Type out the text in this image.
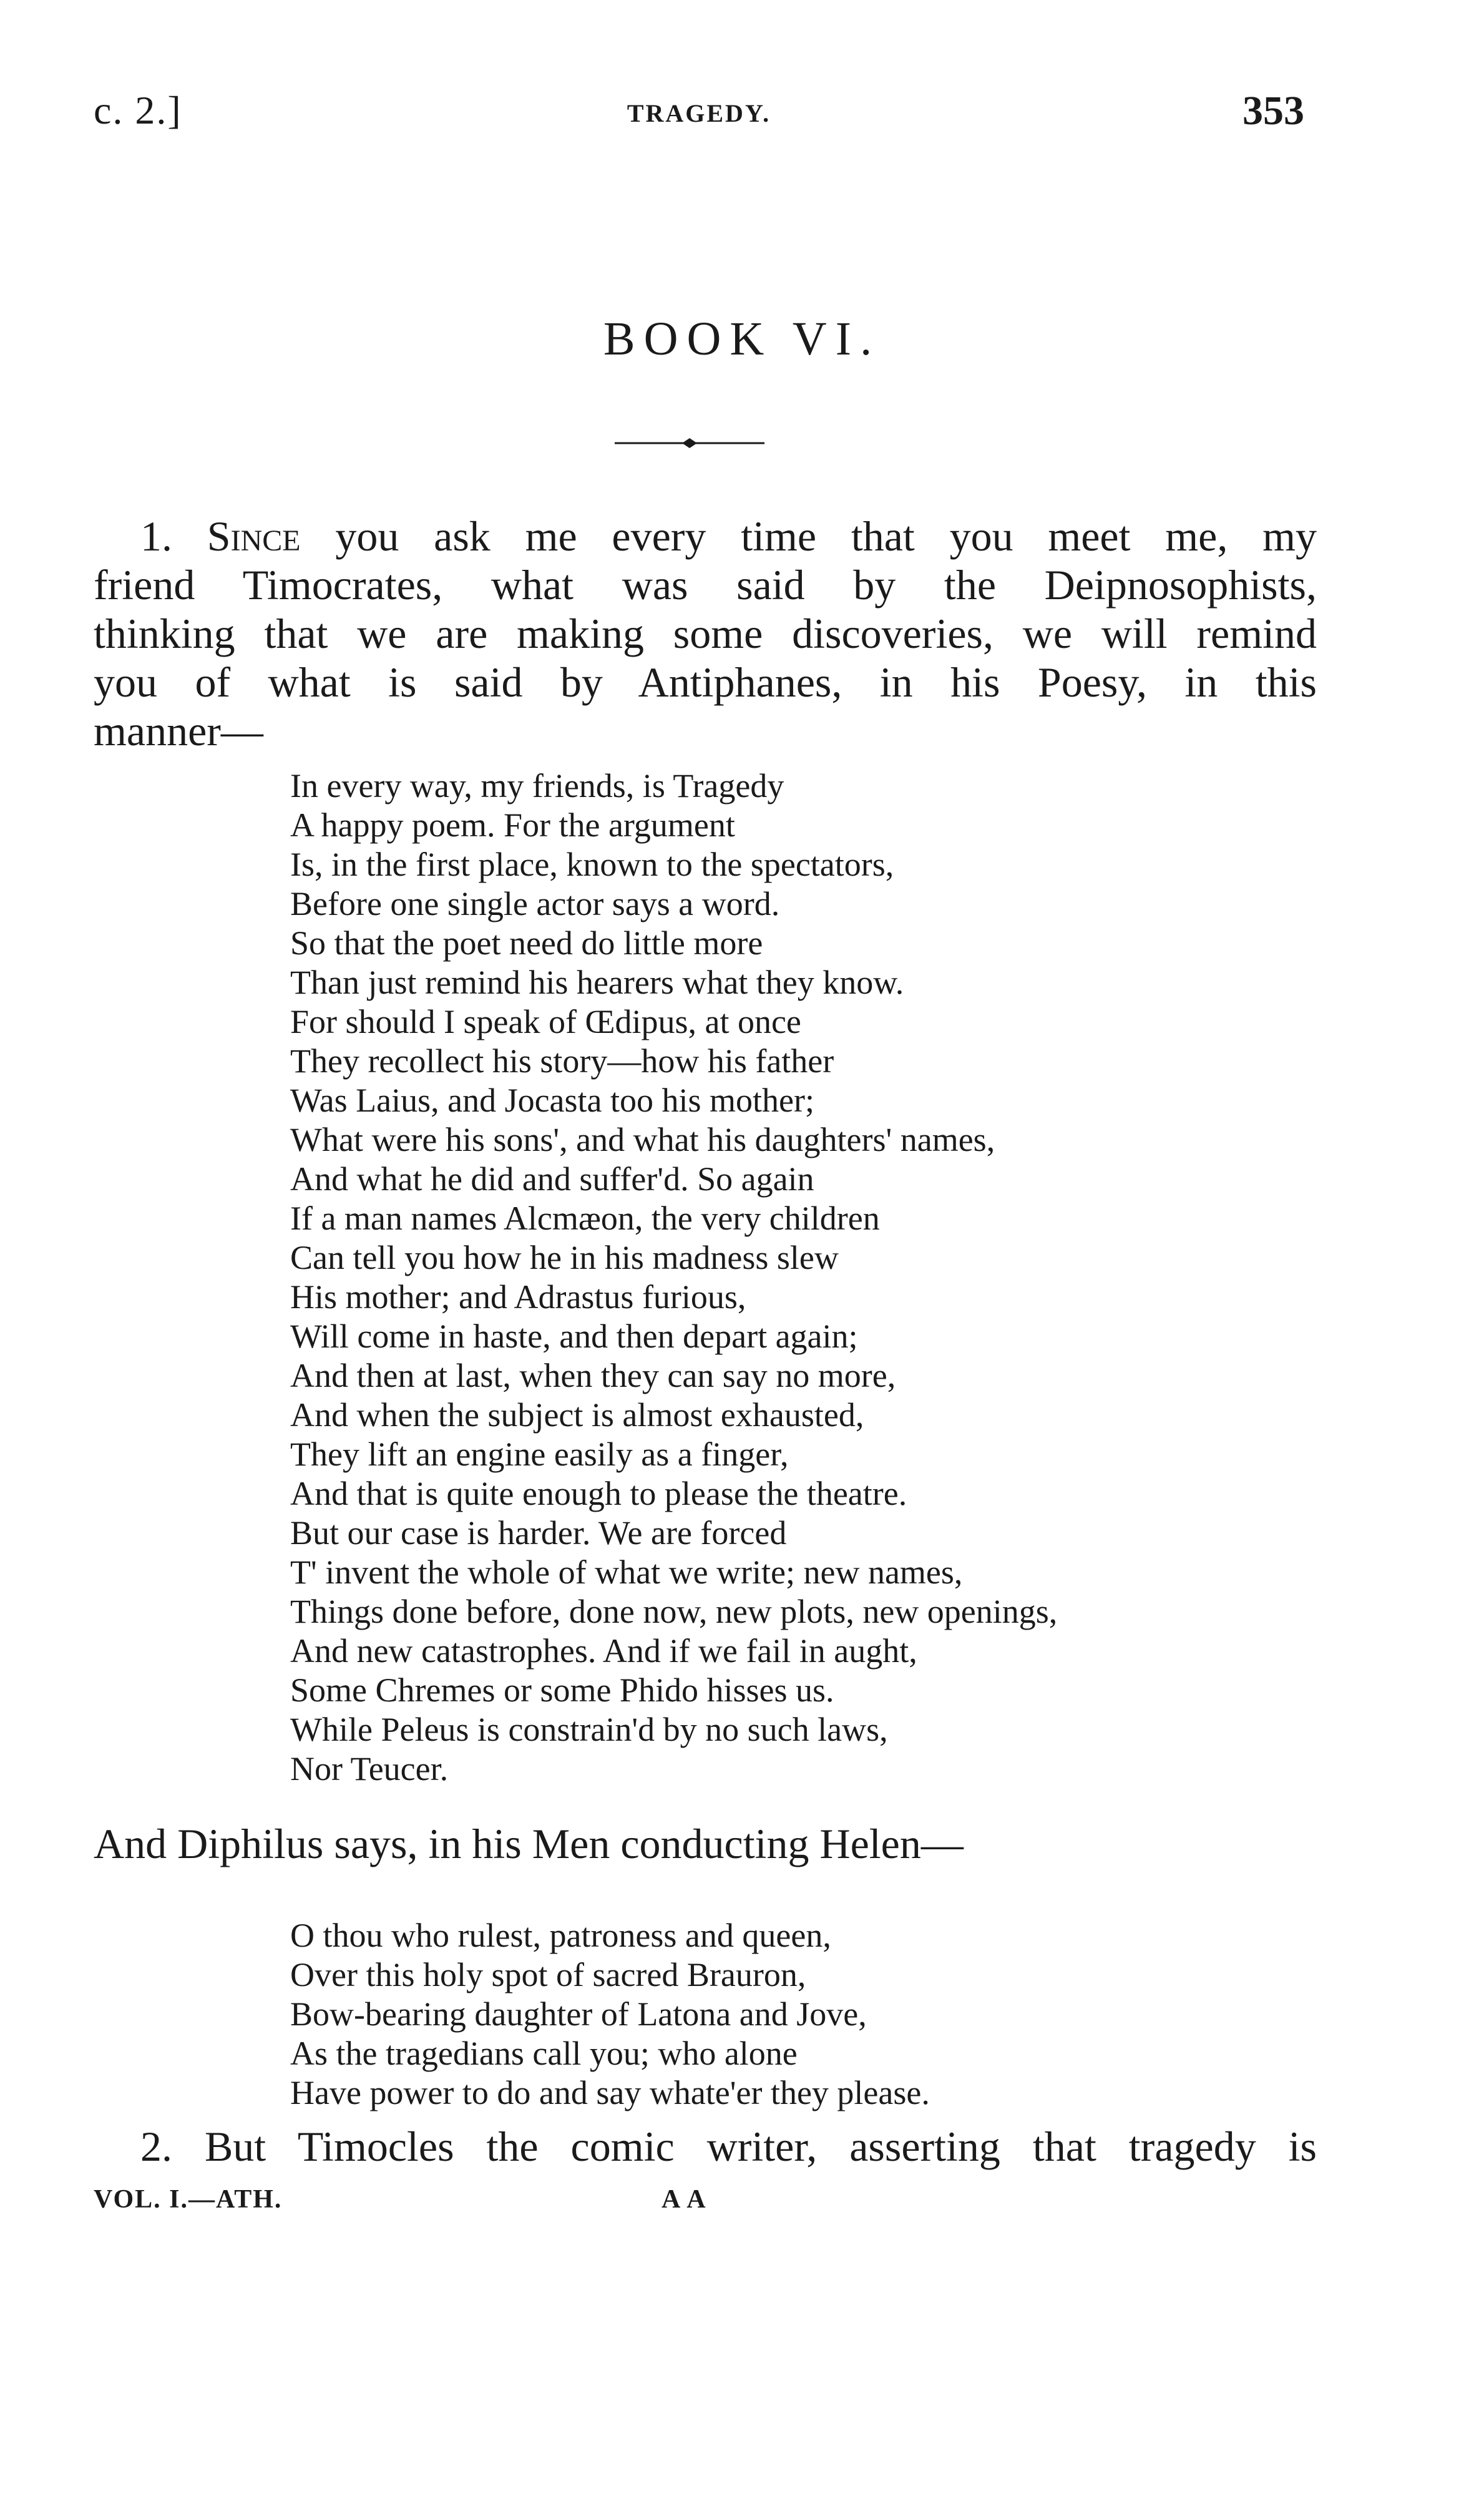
c. 2.]	TRAGEDY.	353
BOOK VI.
1. Since you ask me every time that you meet me, my
friend Timocrates, what was said by the Deipnosophists,
thinking that we are making some discoveries, we will remind
you of what is said by Antiphanes, in his Poesy, in this
manner—
In every way, my friends, is Tragedy
A happy poem. For the argument
Is, in the first place, known to the spectators,
Before one single actor says a word.
So that the poet need do little more
Than just remind his hearers what they know.
For should I speak of Œdipus, at once
They recollect his story—how his father
Was Laius, and Jocasta too his mother;
What were his sons', and what his daughters' names,
And what he did and suffer'd. So again
If a man names Alcmæon, the very children
Can tell you how he in his madness slew
His mother; and Adrastus furious,
Will come in haste, and then depart again;
And then at last, when they can say no more,
And when the subject is almost exhausted,
They lift an engine easily as a finger,
And that is quite enough to please the theatre.
But our case is harder. We are forced
T' invent the whole of what we write; new names,
Things done before, done now, new plots, new openings,
And new catastrophes. And if we fail in aught,
Some Chremes or some Phido hisses us.
While Peleus is constrain'd by no such laws,
Nor Teucer.
And Diphilus says, in his Men conducting Helen—
O thou who rulest, patroness and queen,
Over this holy spot of sacred Brauron,
Bow-bearing daughter of Latona and Jove,
As the tragedians call you; who alone
Have power to do and say whate'er they please.
2. But Timocles the comic writer, asserting that tragedy is
VOL. I.—ATH.	A A
